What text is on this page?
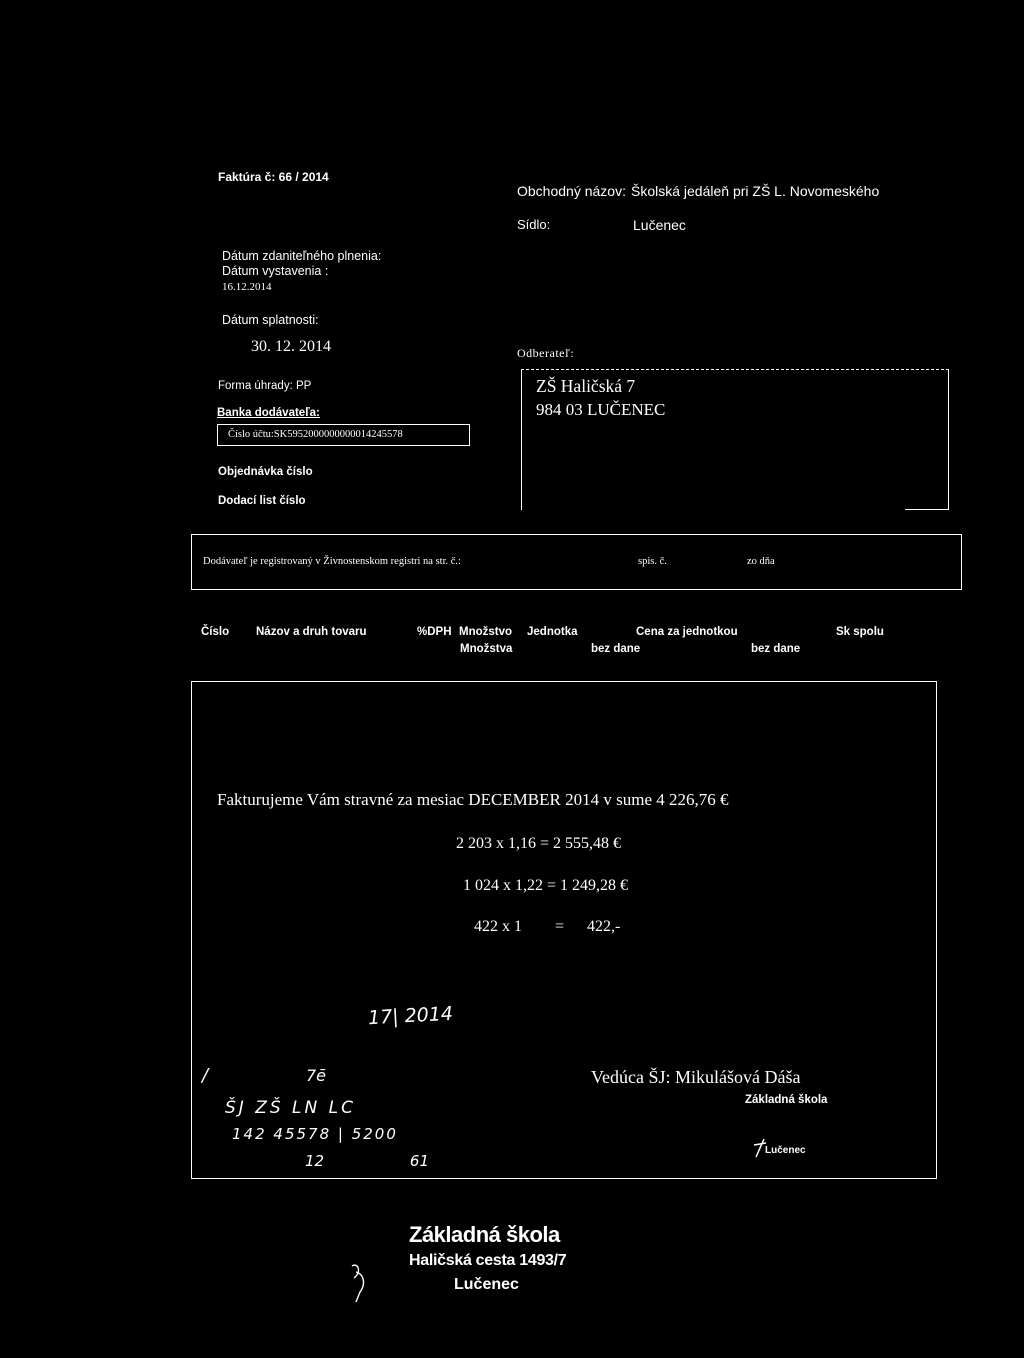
Faktúra č: 66 / 2014
Obchodný názov: Školská jedáleň pri ZŠ L. Novomeského
Sídlo:	Lučenec
Dátum zdaniteľného plnenia:
Dátum vystavenia :
16.12.2014
Dátum splatnosti:
30. 12. 2014
Forma úhrady: PP
Banka dodávateľa:
Číslo účtu:SK5952000000000014245578
Objednávka číslo
Dodací list číslo
Odberateľ:
ZŠ Haličská 7
984 03 LUČENEC
Dodávateľ je registrovaný v Živnostenskom registri na str. č.:	spis. č.	zo dňa
Číslo Názov a druh tovaru	%DPH Množstvo Jednotka	Cena za jednotkou	Sk spolu
Množstva	bez dane	bez dane
Fakturujeme Vám stravné za mesiac DECEMBER 2014 v sume 4 226,76 €
2 203 x 1,16 = 2 555,48 €
1 024 x 1,22 = 1 249,28 €
422 x 1 = 422,-
17| 2014
/	7ē
ŠJ ZŠ LN LC
142 45578 | 5200
12                  61
Vedúca ŠJ: Mikulášová Dáša
Základná škola
Lučenec
Základná škola
Haličská cesta 1493/7
Lučenec
